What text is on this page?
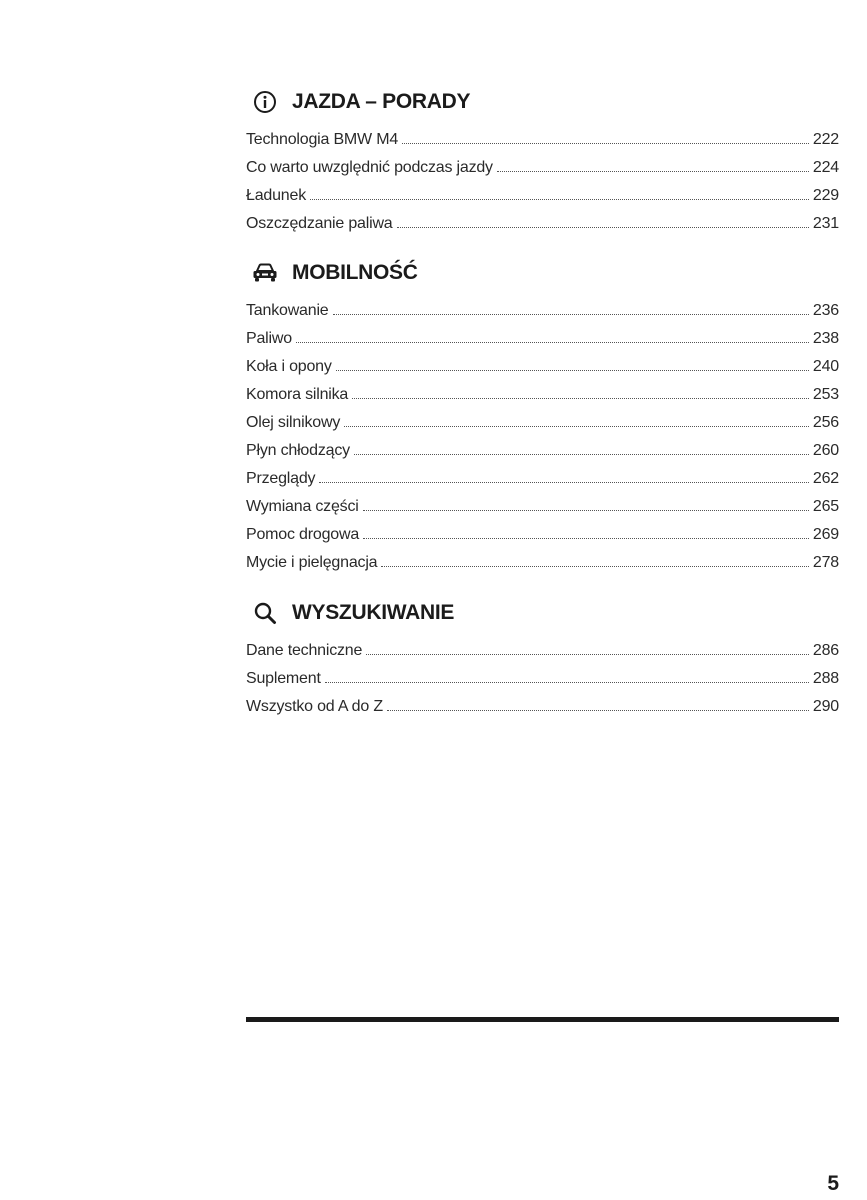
JAZDA – PORADY
Technologia BMW M4	222
Co warto uwzględnić podczas jazdy	224
Ładunek	229
Oszczędzanie paliwa	231
MOBILNOŚĆ
Tankowanie	236
Paliwo	238
Koła i opony	240
Komora silnika	253
Olej silnikowy	256
Płyn chłodzący	260
Przeglądy	262
Wymiana części	265
Pomoc drogowa	269
Mycie i pielęgnacja	278
WYSZUKIWANIE
Dane techniczne	286
Suplement	288
Wszystko od A do Z	290
5
